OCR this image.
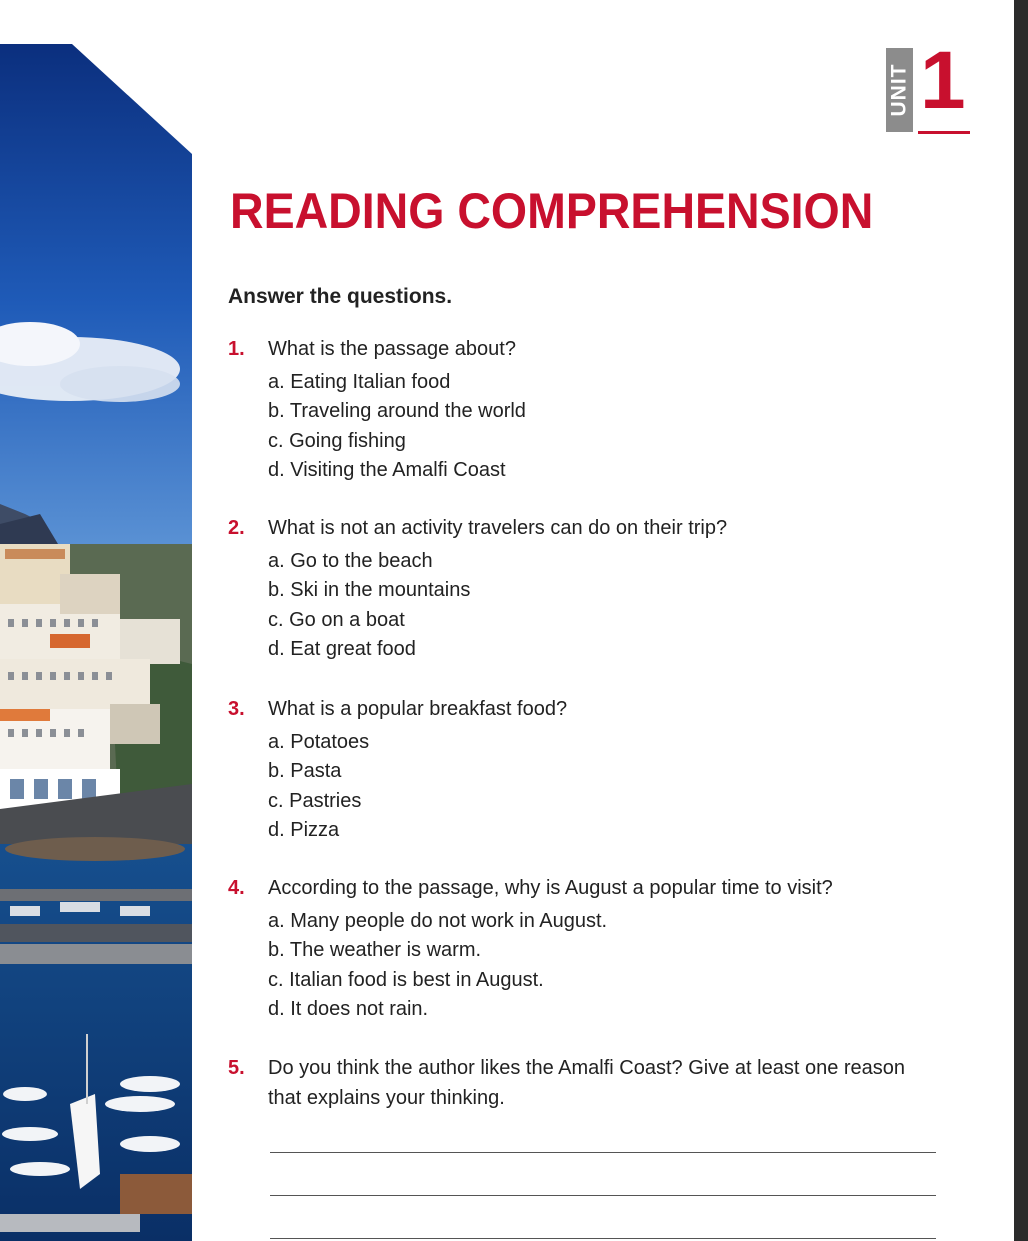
UNIT 1
READING COMPREHENSION

Answer the questions.

1.	What is the passage about?
a. Eating Italian food
b. Traveling around the world
c. Going fishing
d. Visiting the Amalfi Coast
2.	What is not an activity travelers can do on their trip?
a. Go to the beach
b. Ski in the mountains
c. Go on a boat
d. Eat great food
3.	What is a popular breakfast food?
a. Potatoes
b. Pasta
c. Pastries
d. Pizza
4.	According to the passage, why is August a popular time to visit?
a. Many people do not work in August.
b. The weather is warm.
c. Italian food is best in August.
d. It does not rain.
5.	Do you think the author likes the Amalfi Coast? Give at least one reason that explains your thinking.
